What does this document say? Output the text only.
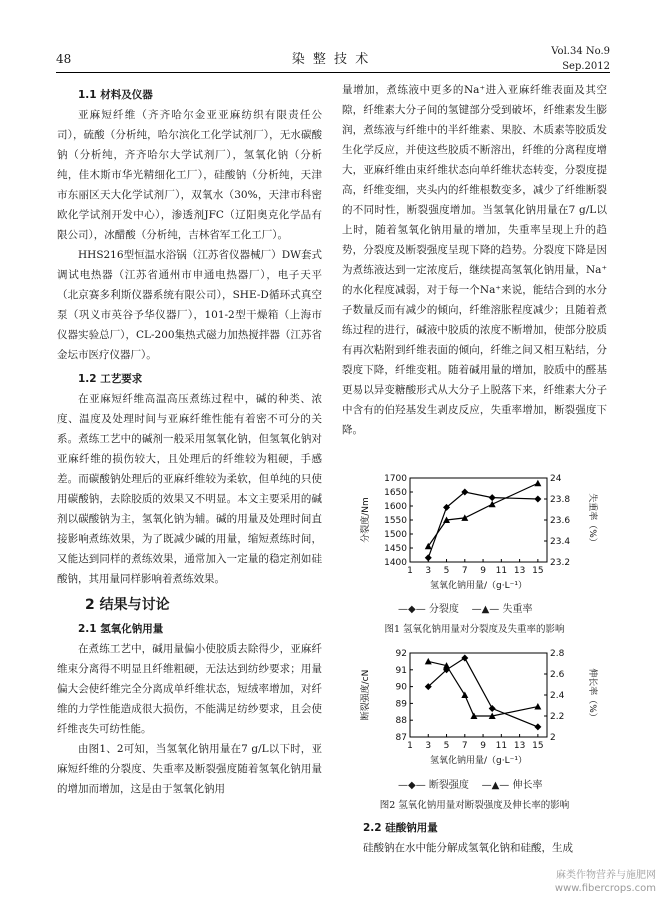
48	染 整 技 术
Vol.34 No.9
Sep.2012

1.1 材料及仪器

亚麻短纤维（齐齐哈尔金亚亚麻纺织有限责任公司），硫酸（分析纯，哈尔滨化工化学试剂厂），无水碳酸钠（分析纯，齐齐哈尔大学试剂厂），氢氧化钠（分析纯，佳木斯市华光精细化工厂），硅酸钠（分析纯，天津市东丽区天大化学试剂厂），双氧水（30%，天津市科密欧化学试剂开发中心），渗透剂JFC（辽阳奥克化学品有限公司），冰醋酸（分析纯，吉林省军工化工厂）。

HHS216型恒温水浴锅（江苏省仪器械厂）DW套式调试电热器（江苏省通州市申通电热器厂），电子天平（北京赛多利斯仪器系统有限公司），SHE-D循环式真空泵（巩义市英谷予华仪器厂），101-2型干燥箱（上海市仪器实验总厂），CL-200集热式磁力加热搅拌器（江苏省金坛市医疗仪器厂）。

1.2 工艺要求

在亚麻短纤维高温高压煮练过程中，碱的种类、浓度、温度及处理时间与亚麻纤维性能有着密不可分的关系。煮练工艺中的碱剂一般采用氢氧化钠，但氢氧化钠对亚麻纤维的损伤较大，且处理后的纤维较为粗硬，手感差。而碳酸钠处理后的亚麻纤维较为柔软，但单纯的只使用碳酸钠，去除胶质的效果又不明显。本文主要采用的碱剂以碳酸钠为主，氢氧化钠为辅。碱的用量及处理时间直接影响煮练效果，为了既减少碱的用量，缩短煮练时间，又能达到同样的煮练效果，通常加入一定量的稳定剂如硅酸钠，其用量同样影响着煮练效果。

2 结果与讨论

2.1 氢氧化钠用量

在煮练工艺中，碱用量偏小使胶质去除得少，亚麻纤维束分离得不明显且纤维粗硬，无法达到纺纱要求；用量偏大会使纤维完全分离成单纤维状态，短绒率增加，对纤维的力学性能造成很大损伤，不能满足纺纱要求，且会使纤维丧失可纺性能。

由图1、2可知，当氢氧化钠用量在7 g/L以下时，亚麻短纤维的分裂度、失重率及断裂强度随着氢氧化钠用量的增加而增加，这是由于氢氧化钠用

量增加，煮练液中更多的Na⁺进入亚麻纤维表面及其空隙，纤维素大分子间的氢键部分受到破坏，纤维素发生膨润，煮练液与纤维中的半纤维素、果胶、木质素等胶质发生化学反应，并使这些胶质不断溶出，纤维的分离程度增大，亚麻纤维由束纤维状态向单纤维状态转变，分裂度提高，纤维变细，夹头内的纤维根数变多，减少了纤维断裂的不同时性，断裂强度增加。当氢氧化钠用量在7 g/L以上时，随着氢氧化钠用量的增加，失重率呈现上升的趋势，分裂度及断裂强度呈现下降的趋势。分裂度下降是因为煮练液达到一定浓度后，继续提高氢氧化钠用量，Na⁺的水化程度减弱，对于每一个Na⁺来说，能结合到的水分子数量反而有减少的倾向，纤维溶胀程度减少；且随着煮练过程的进行，碱液中胶质的浓度不断增加，使部分胶质有再次粘附到纤维表面的倾向，纤维之间又相互粘结，分裂度下降，纤维变粗。随着碱用量的增加，胶质中的醛基更易以异变糖酸形式从大分子上脱落下来，纤维素大分子中含有的伯羟基发生剥皮反应，失重率增加，断裂强度下降。

1 3 5 7 9 11 13 15
1400
1450
1500
1550
1600
1650
1700
23.2
23.4
23.6
23.8
24
氢氧化钠用量/（g·L⁻¹）
分裂度/Nm	失重率（%）
—◆— 分裂度 —▲— 失重率
图1 氢氧化钠用量对分裂度及失重率的影响
1 3 5 7 9 11 13 15
87
88
89
90
91
92
2
2.2
2.4
2.6
2.8
氢氧化钠用量/（g·L⁻¹）
断裂强度/cN	伸长率（%）
—◆— 断裂强度 —▲— 伸长率
图2 氢氧化钠用量对断裂强度及伸长率的影响

2.2 硅酸钠用量

硅酸钠在水中能分解成氢氧化钠和硅酸，生成

麻类作物营养与施肥网
www.fibercrops.com
